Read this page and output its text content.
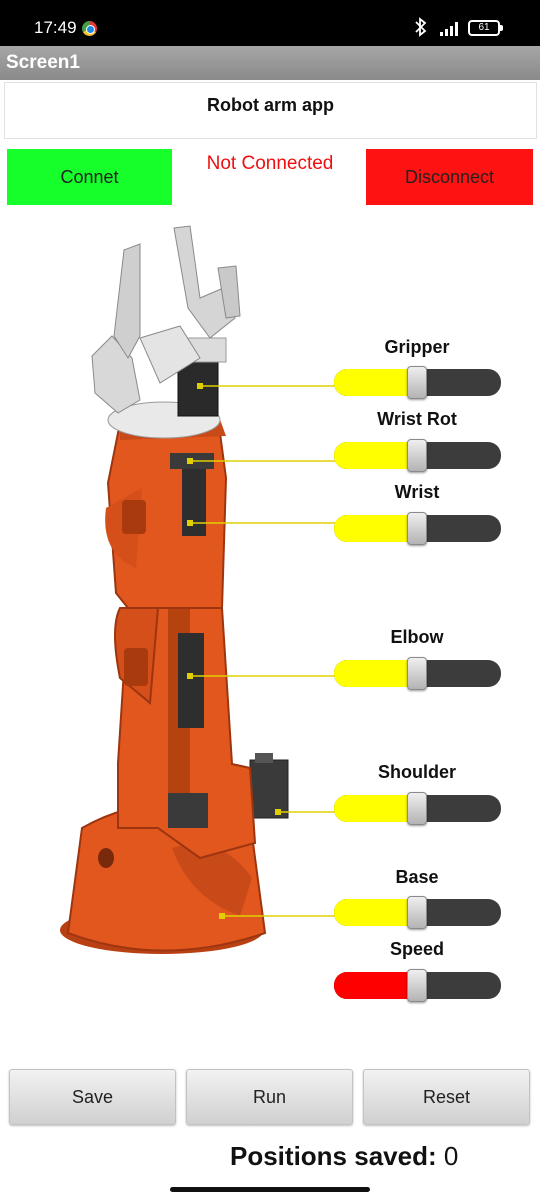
17:49	61
Screen1
Robot arm app
Connet
Not Connected
Disconnect
Gripper
Wrist Rot
Wrist
Elbow
Shoulder
Base
Speed
Save	Run	Reset
Positions saved: 0
